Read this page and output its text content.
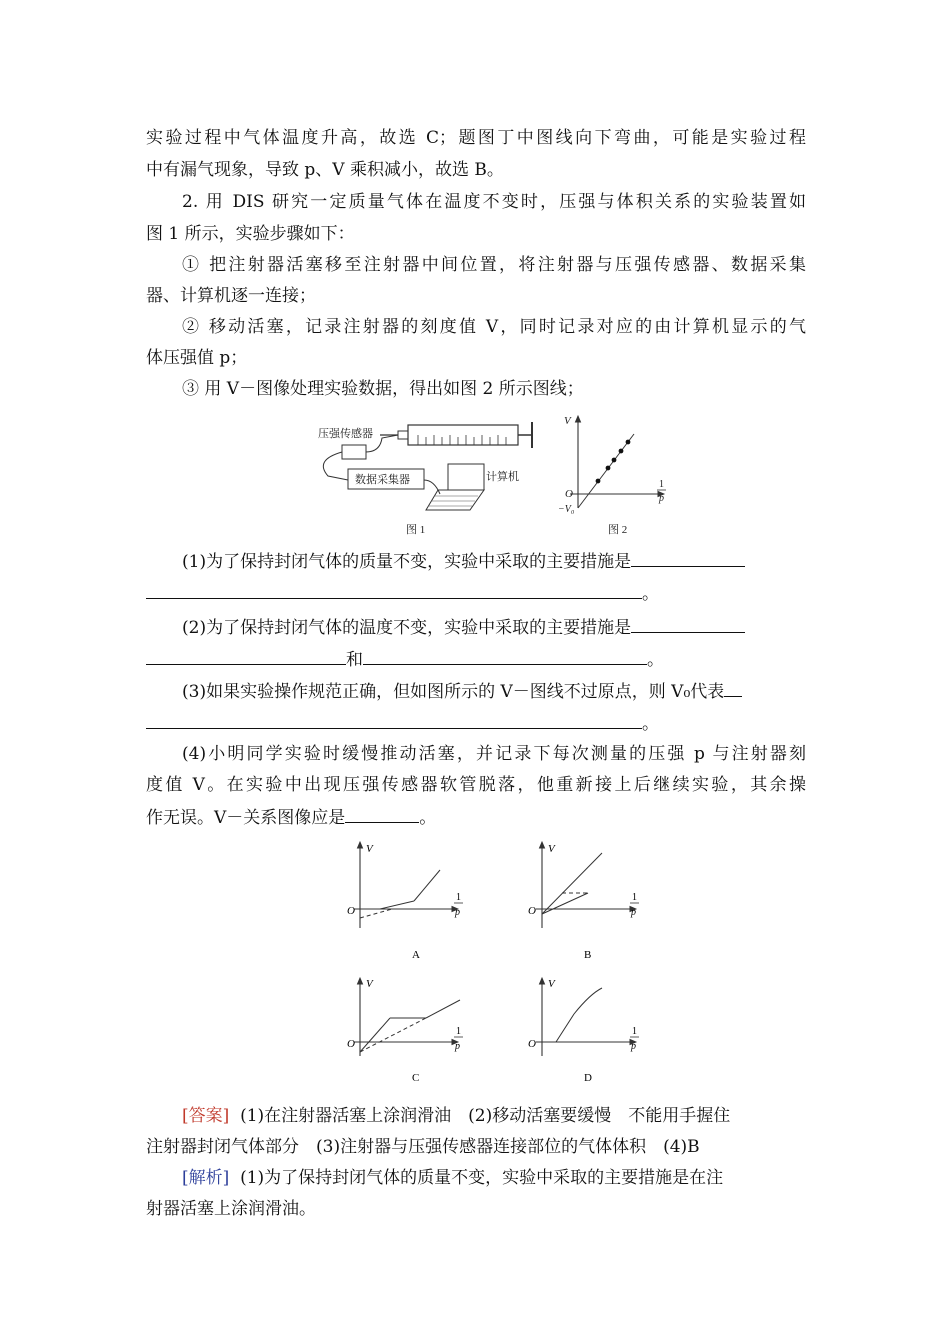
实验过程中气体温度升高，故选 C；题图丁中图线向下弯曲，可能是实验过程
中有漏气现象，导致 p、V 乘积减小，故选 B。
2. 用 DIS 研究一定质量气体在温度不变时，压强与体积关系的实验装置如
图 1 所示，实验步骤如下：
① 把注射器活塞移至注射器中间位置，将注射器与压强传感器、数据采集
器、计算机逐一连接；
② 移动活塞，记录注射器的刻度值 V，同时记录对应的由计算机显示的气
体压强值 p；
③ 用 V－图像处理实验数据，得出如图 2 所示图线；
压强传感器
数据采集器	计算机
图 1
V
O
−V₀
1
p
图 2
(1)为了保持封闭气体的质量不变，实验中采取的主要措施是
。
(2)为了保持封闭气体的温度不变，实验中采取的主要措施是
和	。
(3)如果实验操作规范正确，但如图所示的 V－图线不过原点，则 V₀代表
。
(4)小明同学实验时缓慢推动活塞，并记录下每次测量的压强 p 与注射器刻
度值 V。在实验中出现压强传感器软管脱落，他重新接上后继续实验，其余操
作无误。V－关系图像应是	。
V
O
1
p
A
V
O
1
p
B
V
O
1
p
C
V
O
1
p
D
[答案] (1)在注射器活塞上涂润滑油　(2)移动活塞要缓慢　不能用手握住
注射器封闭气体部分　(3)注射器与压强传感器连接部位的气体体积　(4)B
[解析] (1)为了保持封闭气体的质量不变，实验中采取的主要措施是在注
射器活塞上涂润滑油。
